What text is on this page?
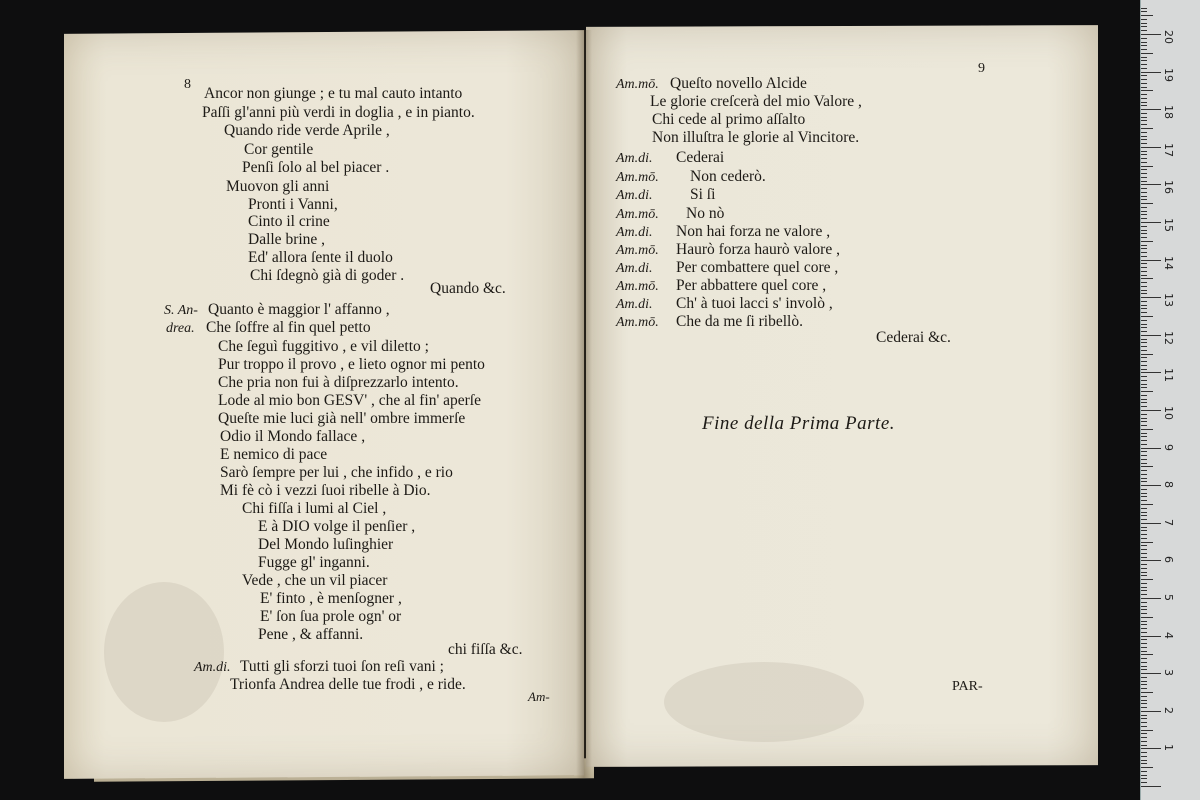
8
Ancor non giunge ; e tu mal cauto intanto
Paſſi gl'anni più verdi in doglia , e in pianto.
Quando ride verde Aprile ,
Cor gentile
Penſi ſolo al bel piacer .
Muovon gli anni
Pronti i Vanni,
Cinto il crine
Dalle brine ,
Ed' allora ſente il duolo
Chi ſdegnò già di goder .
Quando &c.
S. An- Quanto è maggior l' affanno ,
drea. Che ſoffre al fin quel petto
Che ſeguì fuggitivo , e vil diletto ;
Pur troppo il provo , e lieto ognor mi pento
Che pria non fui à diſprezzarlo intento.
Lode al mio bon GESV' , che al fin' aperſe
Queſte mie luci già nell' ombre immerſe
Odio il Mondo fallace ,
E nemico di pace
Sarò ſempre per lui , che infido , e rio
Mi fè cò i vezzi ſuoi ribelle à Dio.
Chi fiſſa i lumi al Ciel ,
E à DIO volge il penſier ,
Del Mondo luſinghier
Fugge gl' inganni.
Vede , che un vil piacer
E' finto , è menſogner ,
E' ſon ſua prole ogn' or
Pene , & affanni.
chi fiſſa &c.
Am.di. Tutti gli sforzi tuoi ſon reſi vani ;
Trionfa Andrea delle tue frodi , e ride.
Am-
9
Am.mō. Queſto novello Alcide
Le glorie creſcerà del mio Valore ,
Chi cede al primo aſſalto
Non illuſtra le glorie al Vincitore.
Am.di. Cederai
Am.mō. Non cederò.
Am.di. Si ſi
Am.mō. No nò
Am.di. Non hai forza ne valore ,
Am.mō. Haurò forza haurò valore ,
Am.di. Per combattere quel core ,
Am.mō. Per abbattere quel core ,
Am.di. Ch' à tuoi lacci s' involò ,
Am.mō. Che da me ſi ribellò.
Cederai &c.
Fine della Prima Parte.
PAR-
1
2
3
4
5
6
7
8
9
10
11
12
13
14
15
16
17
18
19
20
